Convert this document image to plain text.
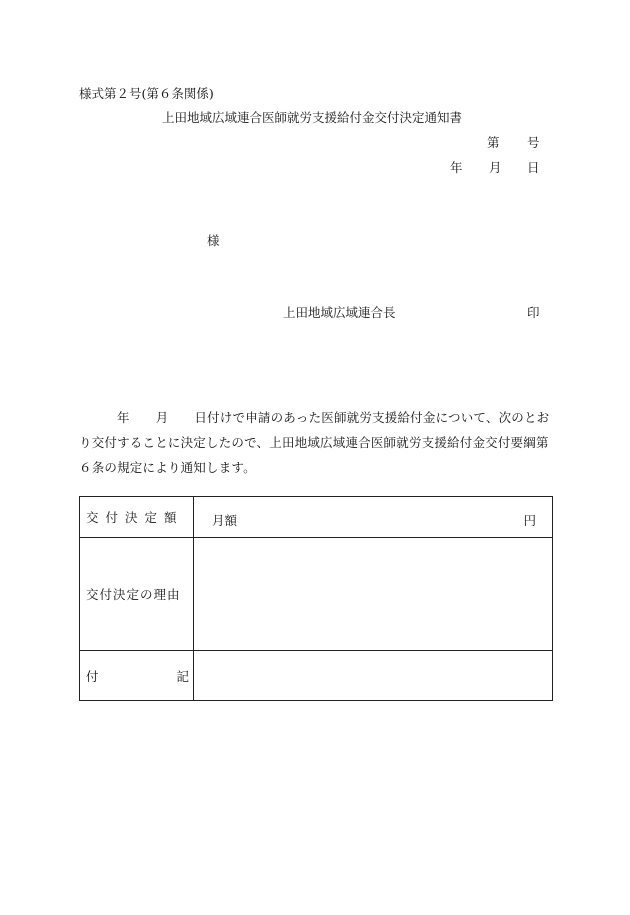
様式第２号(第６条関係)
上田地域広域連合医師就労支援給付金交付決定通知書
第 号
年 月 日
様
上田地域広域連合長	印
年 月 日付けで申請のあった医師就労支援給付金について、次のとお
り交付することに決定したので、上田地域広域連合医師就労支援給付金交付要綱第
６条の規定により通知します。
交付決定額	月額 円

交付決定の理由	

付 記	
